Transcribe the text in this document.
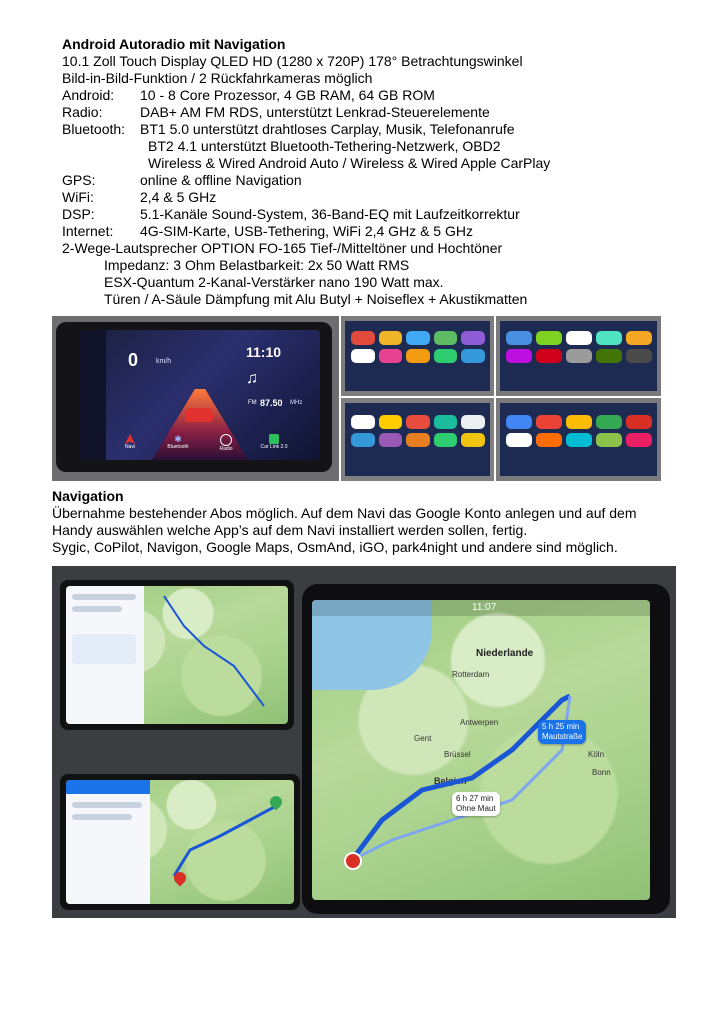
Android Autoradio mit Navigation
10.1 Zoll Touch Display QLED HD (1280 x 720P) 178° Betrachtungswinkel
Bild-in-Bild-Funktion / 2 Rückfahrkameras möglich
Android: 10 - 8 Core Prozessor, 4 GB RAM, 64 GB ROM
Radio:	DAB+ AM FM RDS, unterstützt Lenkrad-Steuerelemente
Bluetooth: BT1 5.0 unterstützt drahtloses Carplay, Musik, Telefonanrufe
BT2 4.1 unterstützt Bluetooth-Tethering-Netzwerk, OBD2
Wireless & Wired Android Auto / Wireless & Wired Apple CarPlay
GPS:	online & offline Navigation
WiFi:	2,4 & 5 GHz
DSP:	5.1-Kanäle Sound-System, 36-Band-EQ mit Laufzeitkorrektur
Internet: 4G-SIM-Karte, USB-Tethering, WiFi 2,4 GHz & 5 GHz
2-Wege-Lautsprecher OPTION FO-165 Tief-/Mitteltöner und Hochtöner
Impedanz: 3 Ohm Belastbarkeit: 2x 50 Watt RMS
ESX-Quantum 2-Kanal-Verstärker nano 190 Watt max.
Türen / A-Säule Dämpfung mit Alu Butyl + Noiseflex + Akustikmatten
0	km/h
11:10
♫
FM 87.50 MHz
Navi
✱
Bluetooth	Radio	Car Link 2.0
Navigation
Übernahme bestehender Abos möglich. Auf dem Navi das Google Konto anlegen und auf dem
Handy auswählen welche App’s auf dem Navi installiert werden sollen, fertig.
Sygic, CoPilot, Navigon, Google Maps, OsmAnd, iGO, park4night und andere sind möglich.
11:07
Niederlande
Rotterdam
Antwerpen
Gent
Brüssel
Belgien
Köln
Bonn
5 h 25 min
Mautstraße
6 h 27 min
Ohne Maut
